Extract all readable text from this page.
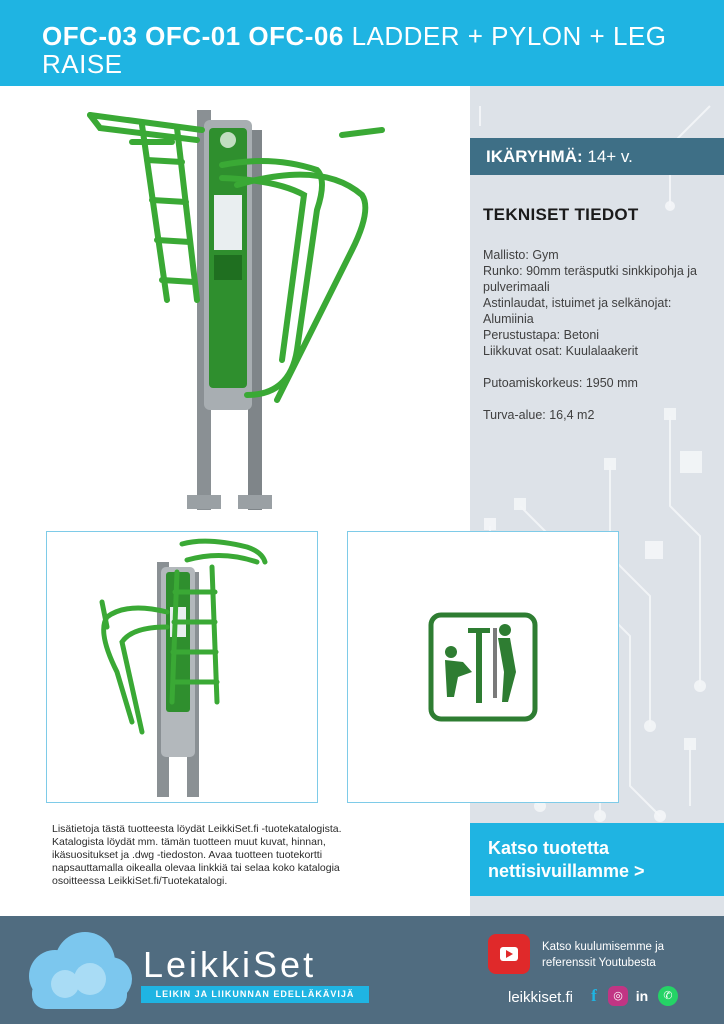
OFC-03 OFC-01 OFC-06 LADDER + PYLON + LEG RAISE
IKÄRYHMÄ: 14+ v.
TEKNISET TIEDOT
Mallisto: Gym
Runko: 90mm teräsputki sinkkipohja ja pulverimaali
Astinlaudat, istuimet ja selkänojat: Alumiinia
Perustustapa: Betoni
Liikkuvat osat: Kuulalaakerit
Putoamiskorkeus: 1950 mm
Turva-alue: 16,4 m2
Lisätietoja tästä tuotteesta löydät LeikkiSet.fi -tuotekatalogista. Katalogista löydät mm. tämän tuotteen muut kuvat, hinnan, ikäsuositukset ja .dwg -tiedoston. Avaa tuotteen tuotekortti napsauttamalla oikealla olevaa linkkiä tai selaa koko katalogia osoitteessa LeikkiSet.fi/Tuotekatalogi.
Katso tuotetta
nettisivuillamme >
LeikkiSet
LEIKIN JA LIIKUNNAN EDELLÄKÄVIJÄ
Katso kuulumisemme ja referenssit Youtubesta
leikkiset.fi	f	◎ in	✆
